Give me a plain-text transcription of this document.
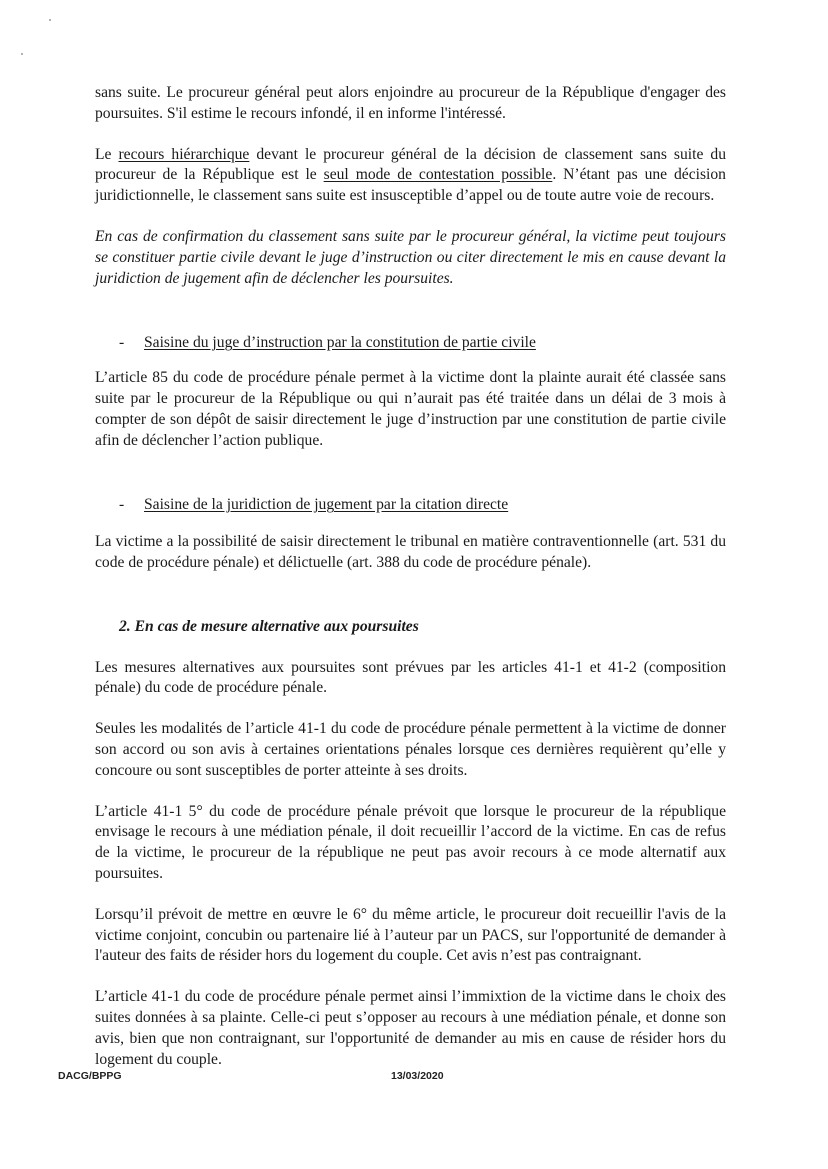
sans suite. Le procureur général peut alors enjoindre au procureur de la République d'engager des poursuites. S'il estime le recours infondé, il en informe l'intéressé.

Le recours hiérarchique devant le procureur général de la décision de classement sans suite du procureur de la République est le seul mode de contestation possible. N’étant pas une décision juridictionnelle, le classement sans suite est insusceptible d’appel ou de toute autre voie de recours.

En cas de confirmation du classement sans suite par le procureur général, la victime peut toujours se constituer partie civile devant le juge d’instruction ou citer directement le mis en cause devant la juridiction de jugement afin de déclencher les poursuites.

- Saisine du juge d’instruction par la constitution de partie civile

L’article 85 du code de procédure pénale permet à la victime dont la plainte aurait été classée sans suite par le procureur de la République ou qui n’aurait pas été traitée dans un délai de 3 mois à compter de son dépôt de saisir directement le juge d’instruction par une constitution de partie civile afin de déclencher l’action publique.

- Saisine de la juridiction de jugement par la citation directe

La victime a la possibilité de saisir directement le tribunal en matière contraventionnelle (art. 531 du code de procédure pénale) et délictuelle (art. 388 du code de procédure pénale).

2. En cas de mesure alternative aux poursuites

Les mesures alternatives aux poursuites sont prévues par les articles 41-1 et 41-2 (composition pénale) du code de procédure pénale.

Seules les modalités de l’article 41-1 du code de procédure pénale permettent à la victime de donner son accord ou son avis à certaines orientations pénales lorsque ces dernières requièrent qu’elle y concoure ou sont susceptibles de porter atteinte à ses droits.

L’article 41-1 5° du code de procédure pénale prévoit que lorsque le procureur de la république envisage le recours à une médiation pénale, il doit recueillir l’accord de la victime. En cas de refus de la victime, le procureur de la république ne peut pas avoir recours à ce mode alternatif aux poursuites.

Lorsqu’il prévoit de mettre en œuvre le 6° du même article, le procureur doit recueillir l'avis de la victime conjoint, concubin ou partenaire lié à l’auteur par un PACS, sur l'opportunité de demander à l'auteur des faits de résider hors du logement du couple. Cet avis n’est pas contraignant.

L’article 41-1 du code de procédure pénale permet ainsi l’immixtion de la victime dans le choix des suites données à sa plainte. Celle-ci peut s’opposer au recours à une médiation pénale, et donne son avis, bien que non contraignant, sur l'opportunité de demander au mis en cause de résider hors du logement du couple.

DACG/BPPG	13/03/2020
